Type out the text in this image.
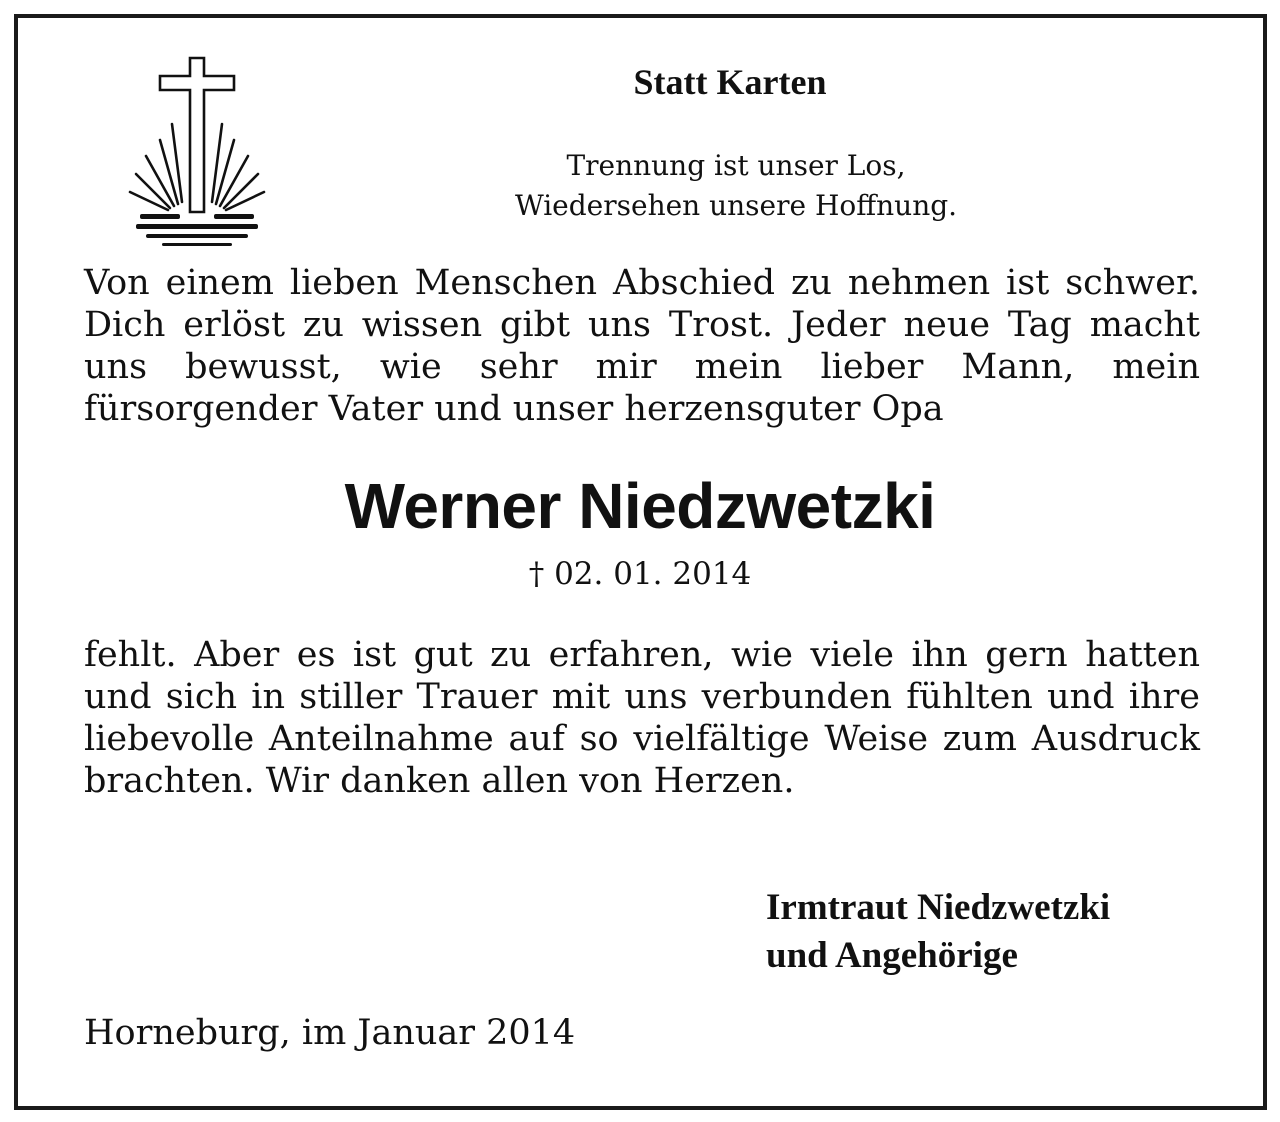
Statt Karten
Trennung ist unser Los,
Wiedersehen unsere Hoffnung.

Von einem lieben Menschen Abschied zu nehmen ist schwer. Dich erlöst zu wissen gibt uns Trost. Jeder neue Tag macht uns bewusst, wie sehr mir mein lieber Mann, mein fürsorgender Vater und unser herzensguter Opa

Werner Niedzwetzki
† 02. 01. 2014

fehlt. Aber es ist gut zu erfahren, wie viele ihn gern hatten und sich in stiller Trauer mit uns verbunden fühlten und ihre liebevolle Anteilnahme auf so vielfältige Weise zum Ausdruck brachten. Wir danken allen von Herzen.

Irmtraut Niedzwetzki
und Angehörige
Horneburg, im Januar 2014
